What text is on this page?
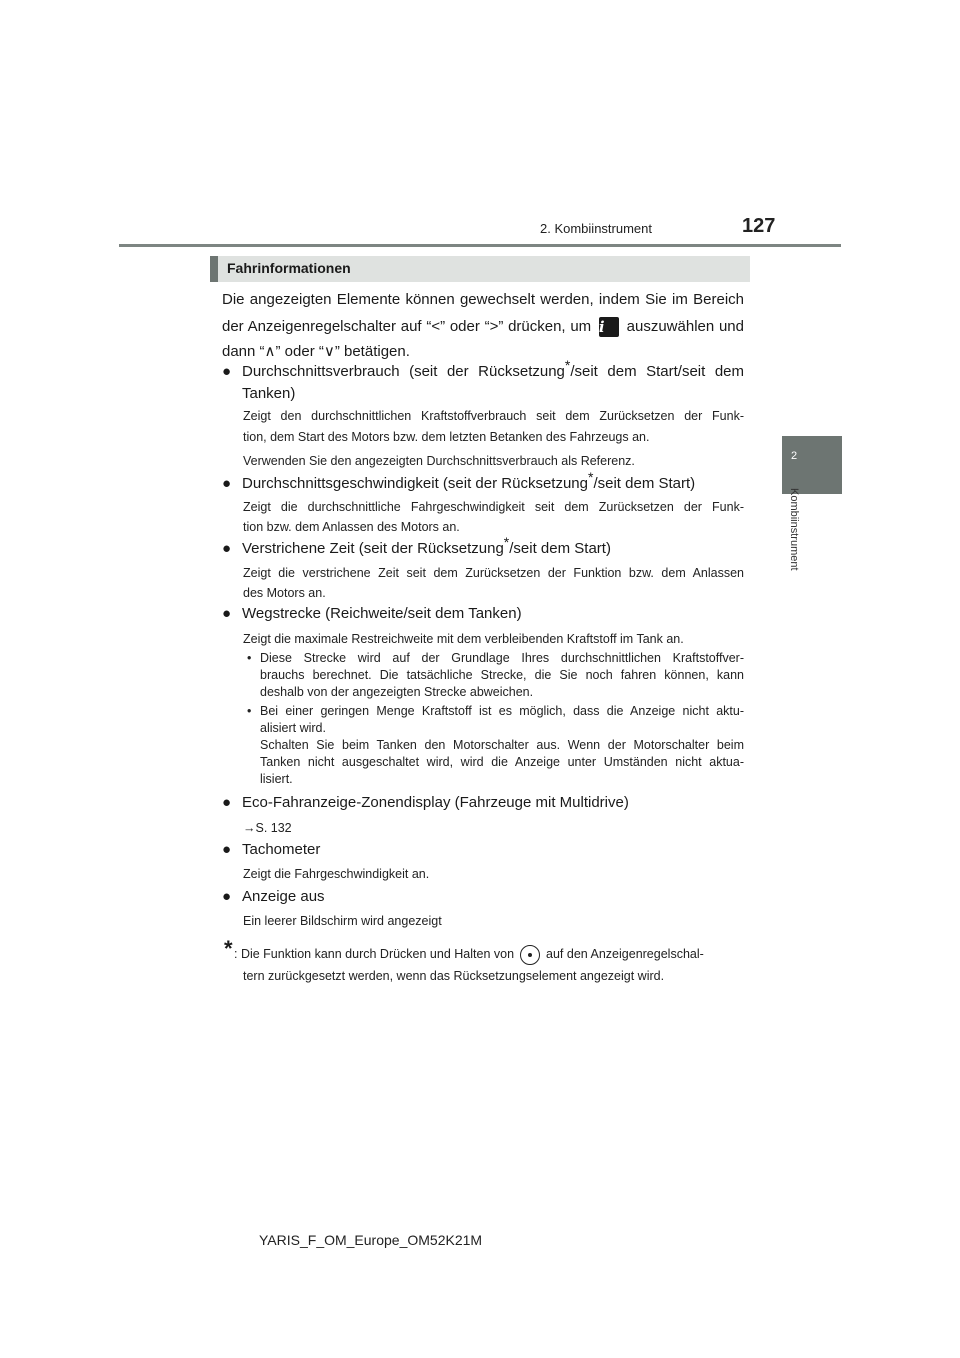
2. Kombiinstrument	127
2
Kombiinstrument
Fahrinformationen
Die angezeigten Elemente können gewechselt werden, indem Sie im Bereich
der Anzeigenregelschalter auf “<” oder “>” drücken, um i auszuwählen und
dann “∧” oder “∨” betätigen.
● Durchschnittsverbrauch (seit der Rücksetzung*/seit dem Start/seit dem
Tanken)
Zeigt den durchschnittlichen Kraftstoffverbrauch seit dem Zurücksetzen der Funk-
tion, dem Start des Motors bzw. dem letzten Betanken des Fahrzeugs an.
Verwenden Sie den angezeigten Durchschnittsverbrauch als Referenz.
● Durchschnittsgeschwindigkeit (seit der Rücksetzung*/seit dem Start)
Zeigt die durchschnittliche Fahrgeschwindigkeit seit dem Zurücksetzen der Funk-
tion bzw. dem Anlassen des Motors an.
● Verstrichene Zeit (seit der Rücksetzung*/seit dem Start)
Zeigt die verstrichene Zeit seit dem Zurücksetzen der Funktion bzw. dem Anlassen
des Motors an.
● Wegstrecke (Reichweite/seit dem Tanken)
Zeigt die maximale Restreichweite mit dem verbleibenden Kraftstoff im Tank an.
• Diese Strecke wird auf der Grundlage Ihres durchschnittlichen Kraftstoffver-
brauchs berechnet. Die tatsächliche Strecke, die Sie noch fahren können, kann
deshalb von der angezeigten Strecke abweichen.
• Bei einer geringen Menge Kraftstoff ist es möglich, dass die Anzeige nicht aktu-
alisiert wird.
Schalten Sie beim Tanken den Motorschalter aus. Wenn der Motorschalter beim
Tanken nicht ausgeschaltet wird, wird die Anzeige unter Umständen nicht aktua-
lisiert.
● Eco-Fahranzeige-Zonendisplay (Fahrzeuge mit Multidrive)
→S. 132
● Tachometer
Zeigt die Fahrgeschwindigkeit an.
● Anzeige aus
Ein leerer Bildschirm wird angezeigt
* : Die Funktion kann durch Drücken und Halten von	auf den Anzeigenregelschal-
tern zurückgesetzt werden, wenn das Rücksetzungselement angezeigt wird.
YARIS_F_OM_Europe_OM52K21M
